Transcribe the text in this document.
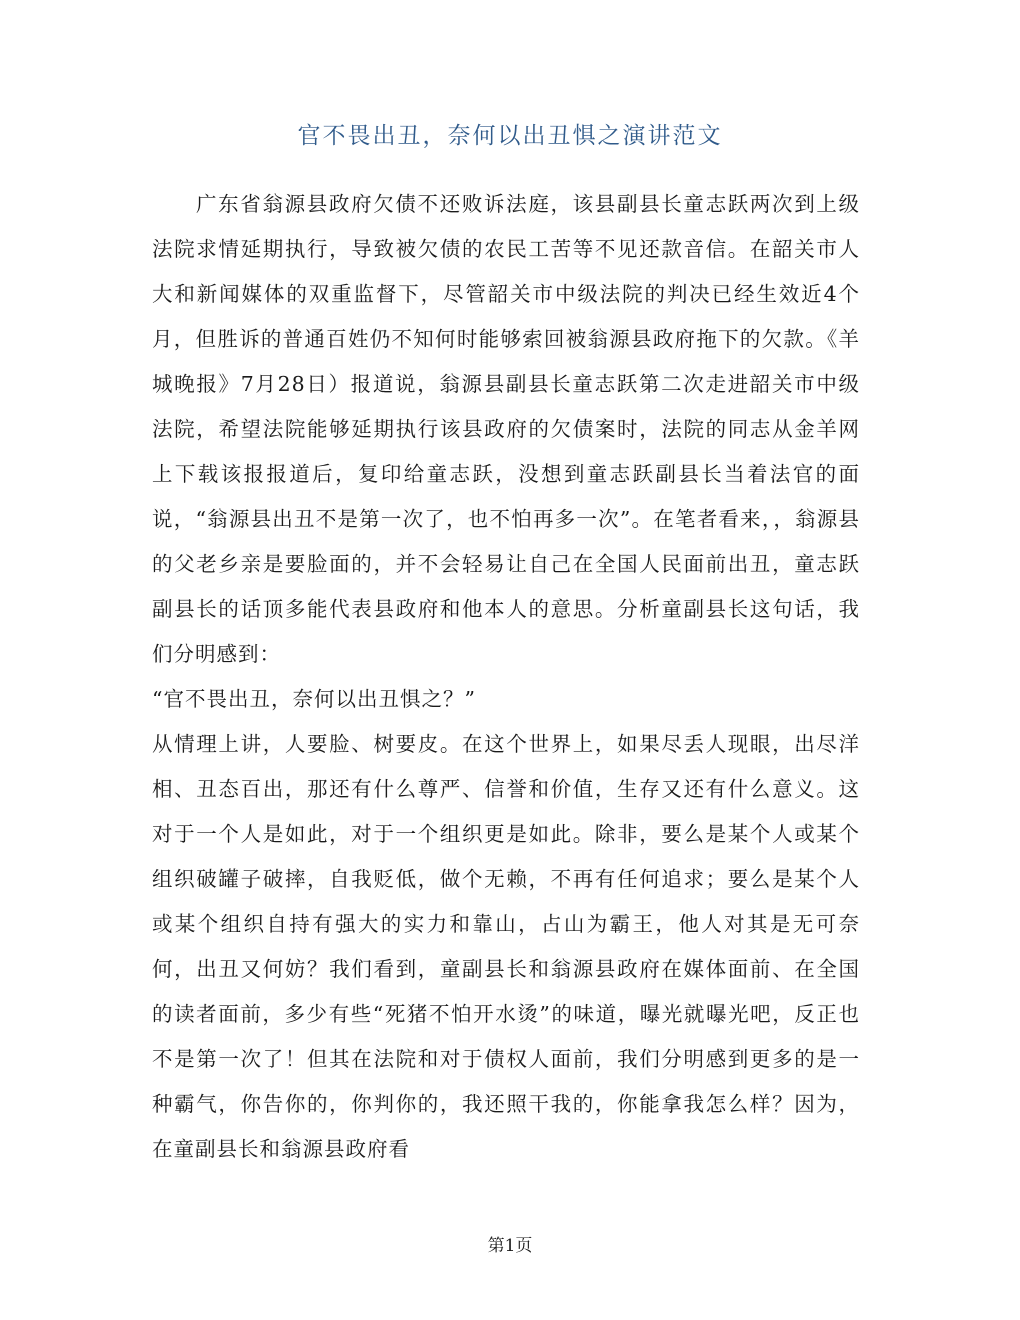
官不畏出丑，奈何以出丑惧之演讲范文

广东省翁源县政府欠债不还败诉法庭，该县副县长童志跃两次到上级法院求情延期执行，导致被欠债的农民工苦等不见还款音信。在韶关市人大和新闻媒体的双重监督下，尽管韶关市中级法院的判决已经生效近4个月，但胜诉的普通百姓仍不知何时能够索回被翁源县政府拖下的欠款。《羊城晚报》7月28日）报道说，翁源县副县长童志跃第二次走进韶关市中级法院，希望法院能够延期执行该县政府的欠债案时，法院的同志从金羊网上下载该报报道后，复印给童志跃，没想到童志跃副县长当着法官的面说，“翁源县出丑不是第一次了，也不怕再多一次”。在笔者看来，，翁源县的父老乡亲是要脸面的，并不会轻易让自己在全国人民面前出丑，童志跃副县长的话顶多能代表县政府和他本人的意思。分析童副县长这句话，我们分明感到：

“官不畏出丑，奈何以出丑惧之？”

从情理上讲，人要脸、树要皮。在这个世界上，如果尽丢人现眼，出尽洋相、丑态百出，那还有什么尊严、信誉和价值，生存又还有什么意义。这对于一个人是如此，对于一个组织更是如此。除非，要么是某个人或某个组织破罐子破摔，自我贬低，做个无赖，不再有任何追求；要么是某个人或某个组织自持有强大的实力和靠山，占山为霸王，他人对其是无可奈何，出丑又何妨？我们看到，童副县长和翁源县政府在媒体面前、在全国的读者面前，多少有些“死猪不怕开水烫”的味道，曝光就曝光吧，反正也不是第一次了！但其在法院和对于债权人面前，我们分明感到更多的是一种霸气，你告你的，你判你的，我还照干我的，你能拿我怎么样？因为，在童副县长和翁源县政府看

第1页
